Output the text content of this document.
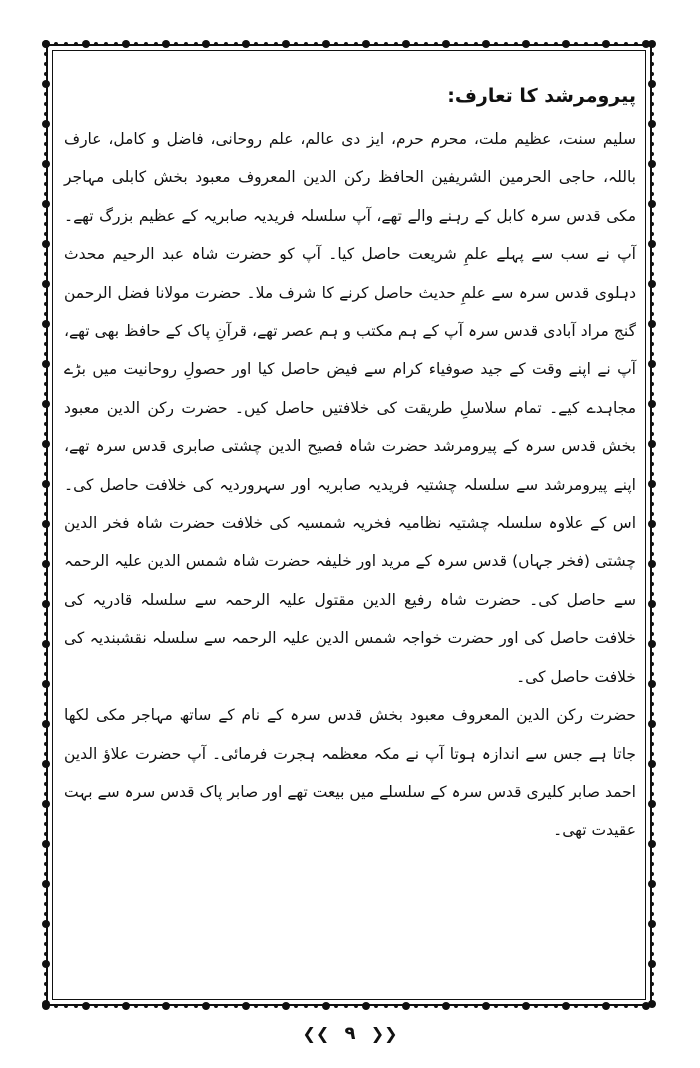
پیرومرشد کا تعارف:

سلیم سنت، عظیم ملت، محرم حرم، ایز دی عالم، علم روحانی، فاضل و کامل، عارف باللہ، حاجی الحرمین الشریفین الحافظ رکن الدین المعروف معبود بخش کابلی مہاجر مکی قدس سرہ کابل کے رہنے والے تھے، آپ سلسلہ فریدیہ صابریہ کے عظیم بزرگ تھے۔ آپ نے سب سے پہلے علمِ شریعت حاصل کیا۔ آپ کو حضرت شاہ عبد الرحیم محدث دہلوی قدس سرہ سے علمِ حدیث حاصل کرنے کا شرف ملا۔ حضرت مولانا فضل الرحمن گنج مراد آبادی قدس سرہ آپ کے ہم مکتب و ہم عصر تھے، قرآنِ پاک کے حافظ بھی تھے، آپ نے اپنے وقت کے جید صوفیاء کرام سے فیض حاصل کیا اور حصولِ روحانیت میں بڑے مجاہدے کیے۔ تمام سلاسلِ طریقت کی خلافتیں حاصل کیں۔ حضرت رکن الدین معبود بخش قدس سرہ کے پیرومرشد حضرت شاہ فصیح الدین چشتی صابری قدس سرہ تھے، اپنے پیرومرشد سے سلسلہ چشتیہ فریدیہ صابریہ اور سہروردیہ کی خلافت حاصل کی۔ اس کے علاوہ سلسلہ چشتیہ نظامیہ فخریہ شمسیہ کی خلافت حضرت شاہ فخر الدین چشتی (فخر جہاں) قدس سرہ کے مرید اور خلیفہ حضرت شاہ شمس الدین علیہ الرحمہ سے حاصل کی۔ حضرت شاہ رفیع الدین مقتول علیہ الرحمہ سے سلسلہ قادریہ کی خلافت حاصل کی اور حضرت خواجہ شمس الدین علیہ الرحمہ سے سلسلہ نقشبندیہ کی خلافت حاصل کی۔

حضرت رکن الدین المعروف معبود بخش قدس سرہ کے نام کے ساتھ مہاجر مکی لکھا جاتا ہے جس سے اندازہ ہوتا آپ نے مکہ معظمہ ہجرت فرمائی۔ آپ حضرت علاؤ الدین احمد صابر کلیری قدس سرہ کے سلسلے میں بیعت تھے اور صابر پاک قدس سرہ سے بہت عقیدت تھی۔

❮❮ ۹ ❯❯
